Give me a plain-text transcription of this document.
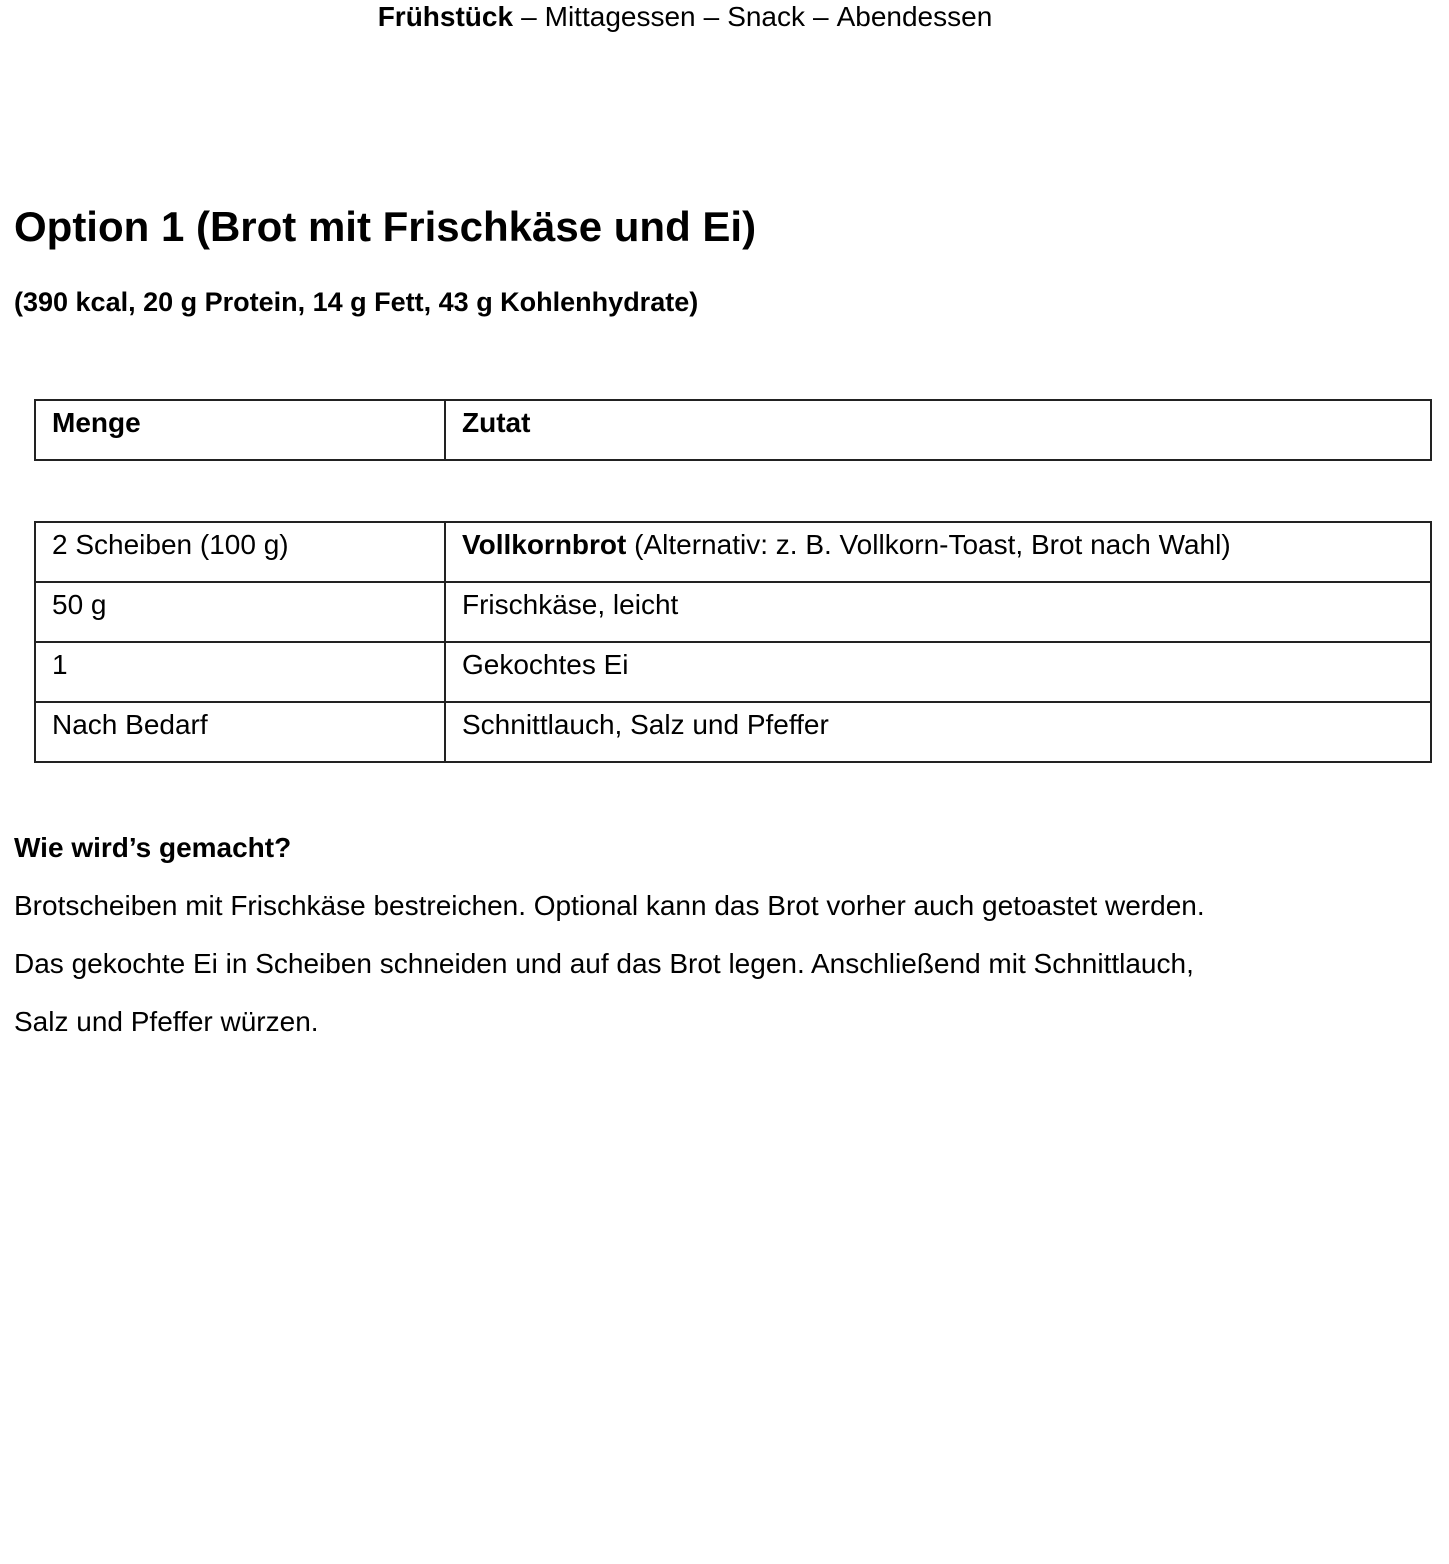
Frühstück – Mittagessen – Snack – Abendessen
Option 1 (Brot mit Frischkäse und Ei)

(390 kcal, 20 g Protein, 14 g Fett, 43 g Kohlenhydrate)

Menge	Zutat
2 Scheiben (100 g)	Vollkornbrot (Alternativ: z. B. Vollkorn-Toast, Brot nach Wahl)
50 g	Frischkäse, leicht
1	Gekochtes Ei
Nach Bedarf	Schnittlauch, Salz und Pfeffer

Wie wird’s gemacht?

Brotscheiben mit Frischkäse bestreichen. Optional kann das Brot vorher auch getoastet werden.

Das gekochte Ei in Scheiben schneiden und auf das Brot legen. Anschließend mit Schnittlauch,

Salz und Pfeffer würzen.
